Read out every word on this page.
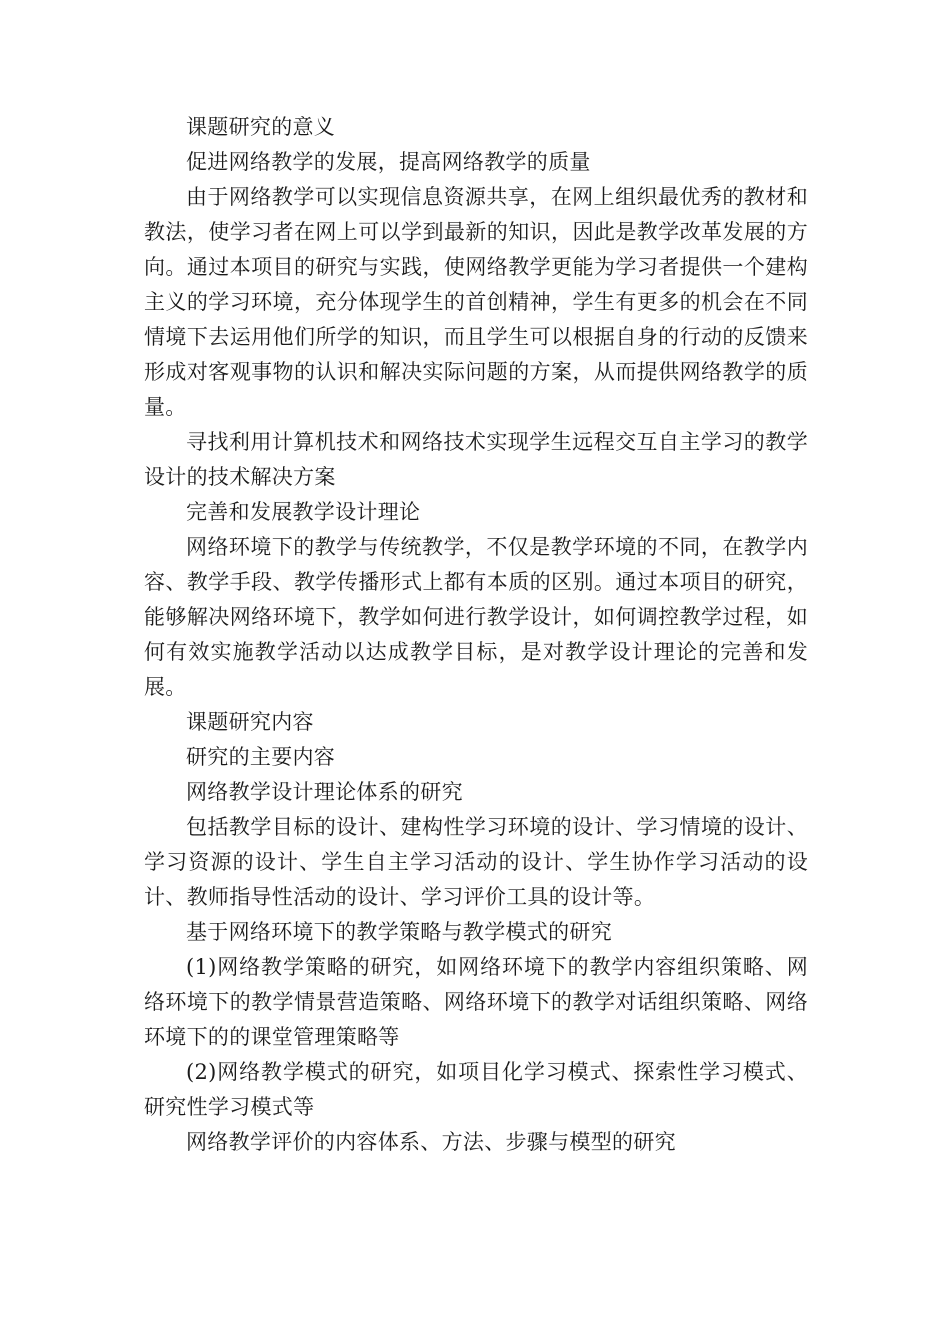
课题研究的意义

促进网络教学的发展，提高网络教学的质量

由于网络教学可以实现信息资源共享，在网上组织最优秀的教材和教法，使学习者在网上可以学到最新的知识，因此是教学改革发展的方向。通过本项目的研究与实践，使网络教学更能为学习者提供一个建构主义的学习环境，充分体现学生的首创精神，学生有更多的机会在不同情境下去运用他们所学的知识，而且学生可以根据自身的行动的反馈来形成对客观事物的认识和解决实际问题的方案，从而提供网络教学的质量。

寻找利用计算机技术和网络技术实现学生远程交互自主学习的教学设计的技术解决方案

完善和发展教学设计理论

网络环境下的教学与传统教学，不仅是教学环境的不同，在教学内容、教学手段、教学传播形式上都有本质的区别。通过本项目的研究，能够解决网络环境下，教学如何进行教学设计，如何调控教学过程，如何有效实施教学活动以达成教学目标，是对教学设计理论的完善和发展。

课题研究内容

研究的主要内容

网络教学设计理论体系的研究

包括教学目标的设计、建构性学习环境的设计、学习情境的设计、学习资源的设计、学生自主学习活动的设计、学生协作学习活动的设计、教师指导性活动的设计、学习评价工具的设计等。

基于网络环境下的教学策略与教学模式的研究

(1)网络教学策略的研究，如网络环境下的教学内容组织策略、网络环境下的教学情景营造策略、网络环境下的教学对话组织策略、网络环境下的的课堂管理策略等

(2)网络教学模式的研究，如项目化学习模式、探索性学习模式、研究性学习模式等

网络教学评价的内容体系、方法、步骤与模型的研究
